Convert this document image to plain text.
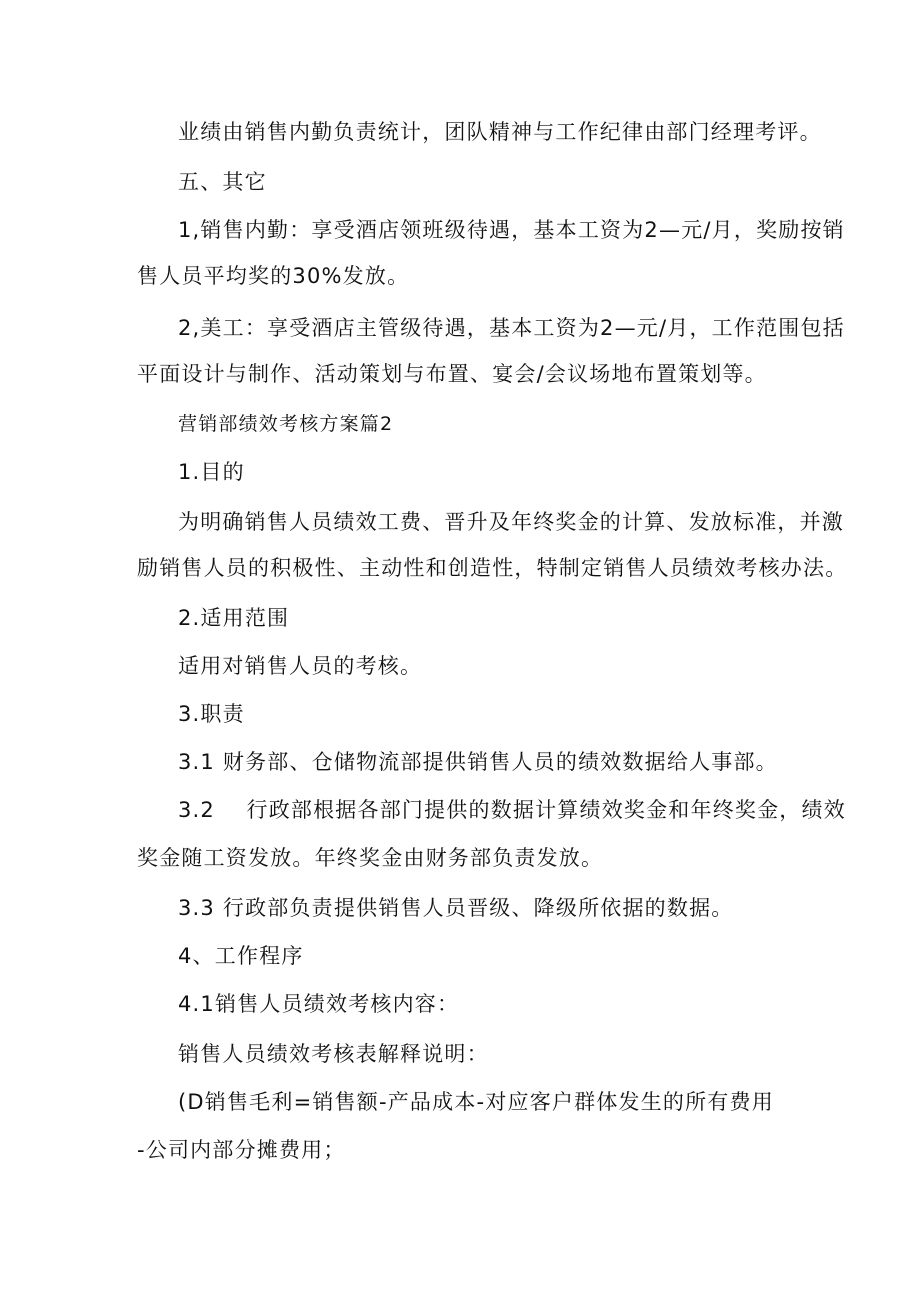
业绩由销售内勤负责统计，团队精神与工作纪律由部门经理考评。
五、其它
1,销售内勤：享受酒店领班级待遇，基本工资为2—元/月，奖励按销
售人员平均奖的30%发放。
2,美工：享受酒店主管级待遇，基本工资为2—元/月，工作范围包括
平面设计与制作、活动策划与布置、宴会/会议场地布置策划等。
营销部绩效考核方案篇2
1.目的
为明确销售人员绩效工费、晋升及年终奖金的计算、发放标准，并激
励销售人员的积极性、主动性和创造性，特制定销售人员绩效考核办法。
2.适用范围
适用对销售人员的考核。
3.职责
3.1 财务部、仓储物流部提供销售人员的绩效数据给人事部。
3.2    行政部根据各部门提供的数据计算绩效奖金和年终奖金，绩效
奖金随工资发放。年终奖金由财务部负责发放。
3.3 行政部负责提供销售人员晋级、降级所依据的数据。
4、工作程序
4.1销售人员绩效考核内容：
销售人员绩效考核表解释说明：
(D销售毛利=销售额-产品成本-对应客户群体发生的所有费用
-公司内部分摊费用；
